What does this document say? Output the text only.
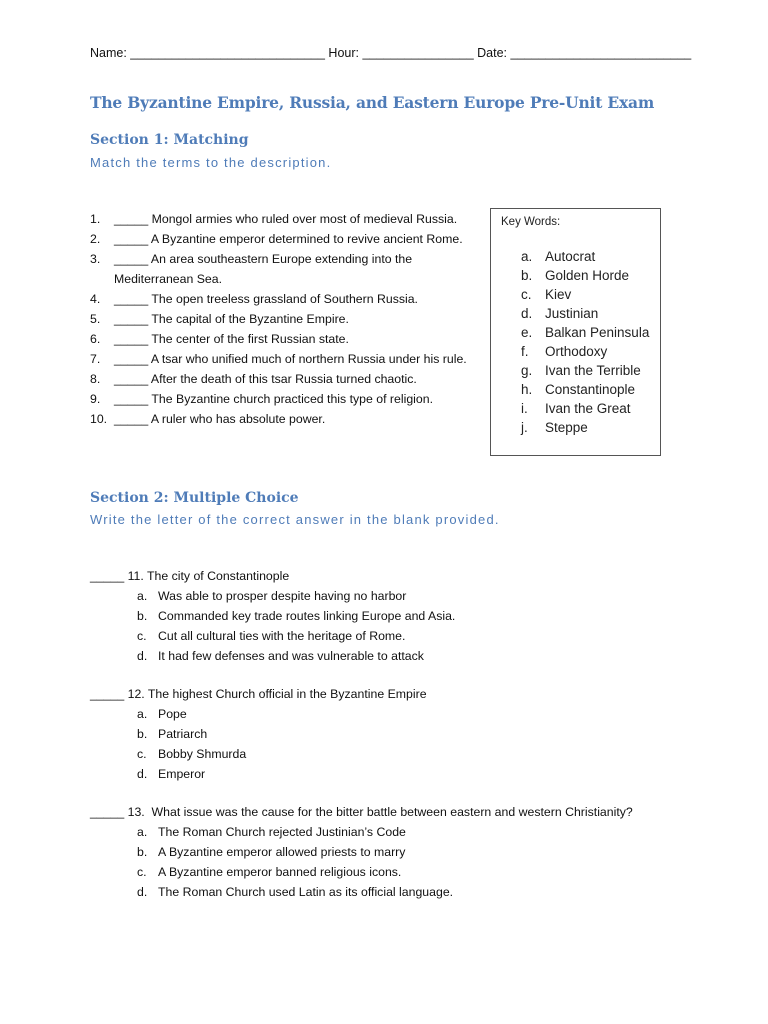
Name: ____________________________ Hour: ________________ Date: __________________________
The Byzantine Empire, Russia, and Eastern Europe Pre-Unit Exam
Section 1: Matching
Match the terms to the description.
1.	_____ Mongol armies who ruled over most of medieval Russia.
2.	_____ A Byzantine emperor determined to revive ancient Rome.
3.	_____ An area southeastern Europe extending into the Mediterranean Sea.
4.	_____ The open treeless grassland of Southern Russia.
5.	_____ The capital of the Byzantine Empire.
6.	_____ The center of the first Russian state.
7.	_____ A tsar who unified much of northern Russia under his rule.
8.	_____ After the death of this tsar Russia turned chaotic.
9.	_____ The Byzantine church practiced this type of religion.
10. _____ A ruler who has absolute power.
Key Words:
a. Autocrat
b. Golden Horde
c. Kiev
d. Justinian
e. Balkan Peninsula
f.	Orthodoxy
g. Ivan the Terrible
h. Constantinople
i.	Ivan the Great
j.	Steppe
Section 2: Multiple Choice
Write the letter of the correct answer in the blank provided.
_____ 11. The city of Constantinople
a. Was able to prosper despite having no harbor
b. Commanded key trade routes linking Europe and Asia.
c. Cut all cultural ties with the heritage of Rome.
d. It had few defenses and was vulnerable to attack
_____ 12. The highest Church official in the Byzantine Empire
a. Pope
b. Patriarch
c. Bobby Shmurda
d. Emperor
_____ 13.  What issue was the cause for the bitter battle between eastern and western Christianity?
a. The Roman Church rejected Justinian’s Code
b. A Byzantine emperor allowed priests to marry
c. A Byzantine emperor banned religious icons.
d. The Roman Church used Latin as its official language.
